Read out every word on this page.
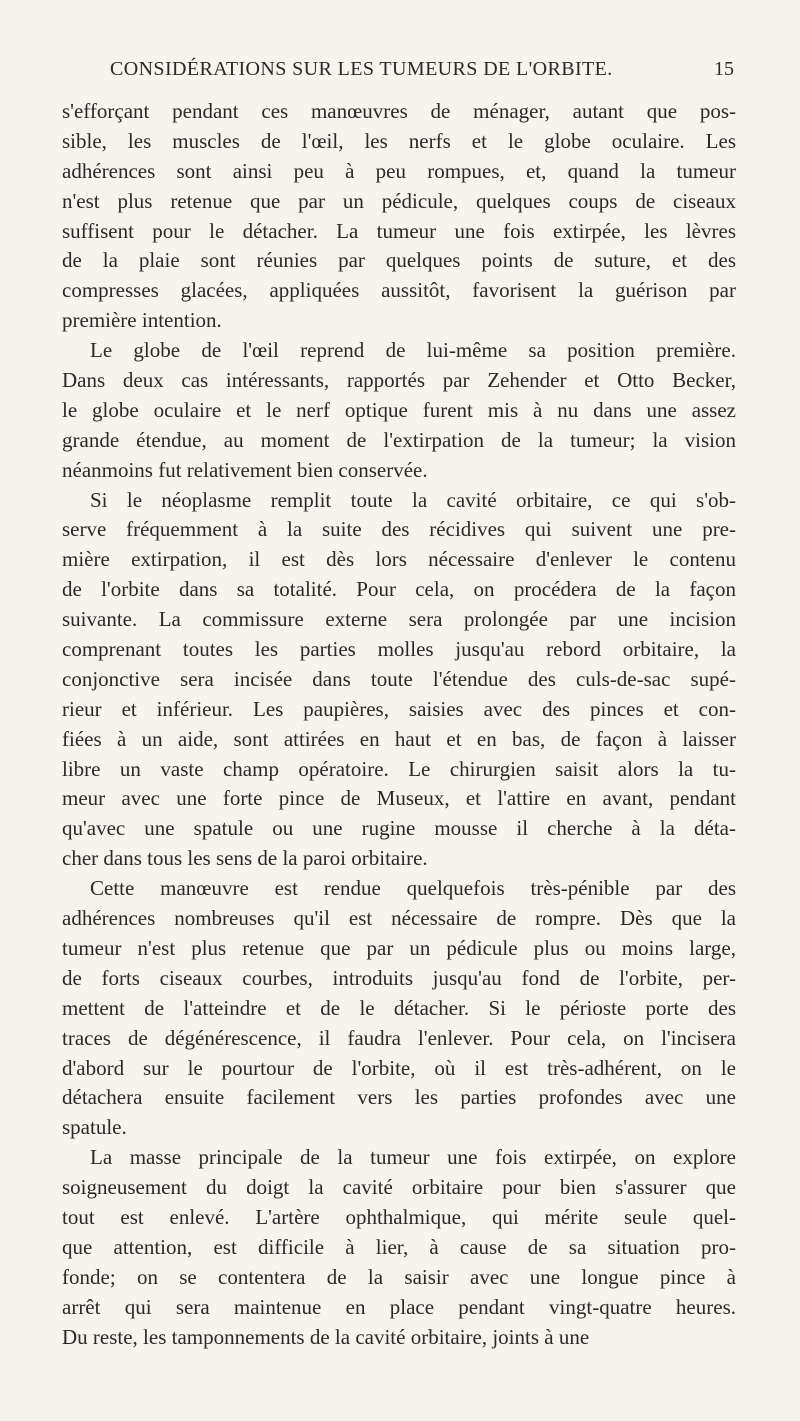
CONSIDÉRATIONS SUR LES TUMEURS DE L'ORBITE.	15
s'efforçant pendant ces manœuvres de ménager, autant que pos-
sible, les muscles de l'œil, les nerfs et le globe oculaire. Les
adhérences sont ainsi peu à peu rompues, et, quand la tumeur
n'est plus retenue que par un pédicule, quelques coups de ciseaux
suffisent pour le détacher. La tumeur une fois extirpée, les lèvres
de la plaie sont réunies par quelques points de suture, et des
compresses glacées, appliquées aussitôt, favorisent la guérison par
première intention.
Le globe de l'œil reprend de lui-même sa position première.
Dans deux cas intéressants, rapportés par Zehender et Otto Becker,
le globe oculaire et le nerf optique furent mis à nu dans une assez
grande étendue, au moment de l'extirpation de la tumeur; la vision
néanmoins fut relativement bien conservée.
Si le néoplasme remplit toute la cavité orbitaire, ce qui s'ob-
serve fréquemment à la suite des récidives qui suivent une pre-
mière extirpation, il est dès lors nécessaire d'enlever le contenu
de l'orbite dans sa totalité. Pour cela, on procédera de la façon
suivante. La commissure externe sera prolongée par une incision
comprenant toutes les parties molles jusqu'au rebord orbitaire, la
conjonctive sera incisée dans toute l'étendue des culs-de-sac supé-
rieur et inférieur. Les paupières, saisies avec des pinces et con-
fiées à un aide, sont attirées en haut et en bas, de façon à laisser
libre un vaste champ opératoire. Le chirurgien saisit alors la tu-
meur avec une forte pince de Museux, et l'attire en avant, pendant
qu'avec une spatule ou une rugine mousse il cherche à la déta-
cher dans tous les sens de la paroi orbitaire.
Cette manœuvre est rendue quelquefois très-pénible par des
adhérences nombreuses qu'il est nécessaire de rompre. Dès que la
tumeur n'est plus retenue que par un pédicule plus ou moins large,
de forts ciseaux courbes, introduits jusqu'au fond de l'orbite, per-
mettent de l'atteindre et de le détacher. Si le périoste porte des
traces de dégénérescence, il faudra l'enlever. Pour cela, on l'incisera
d'abord sur le pourtour de l'orbite, où il est très-adhérent, on le
détachera ensuite facilement vers les parties profondes avec une
spatule.
La masse principale de la tumeur une fois extirpée, on explore
soigneusement du doigt la cavité orbitaire pour bien s'assurer que
tout est enlevé. L'artère ophthalmique, qui mérite seule quel-
que attention, est difficile à lier, à cause de sa situation pro-
fonde; on se contentera de la saisir avec une longue pince à
arrêt qui sera maintenue en place pendant vingt-quatre heures.
Du reste, les tamponnements de la cavité orbitaire, joints à une
